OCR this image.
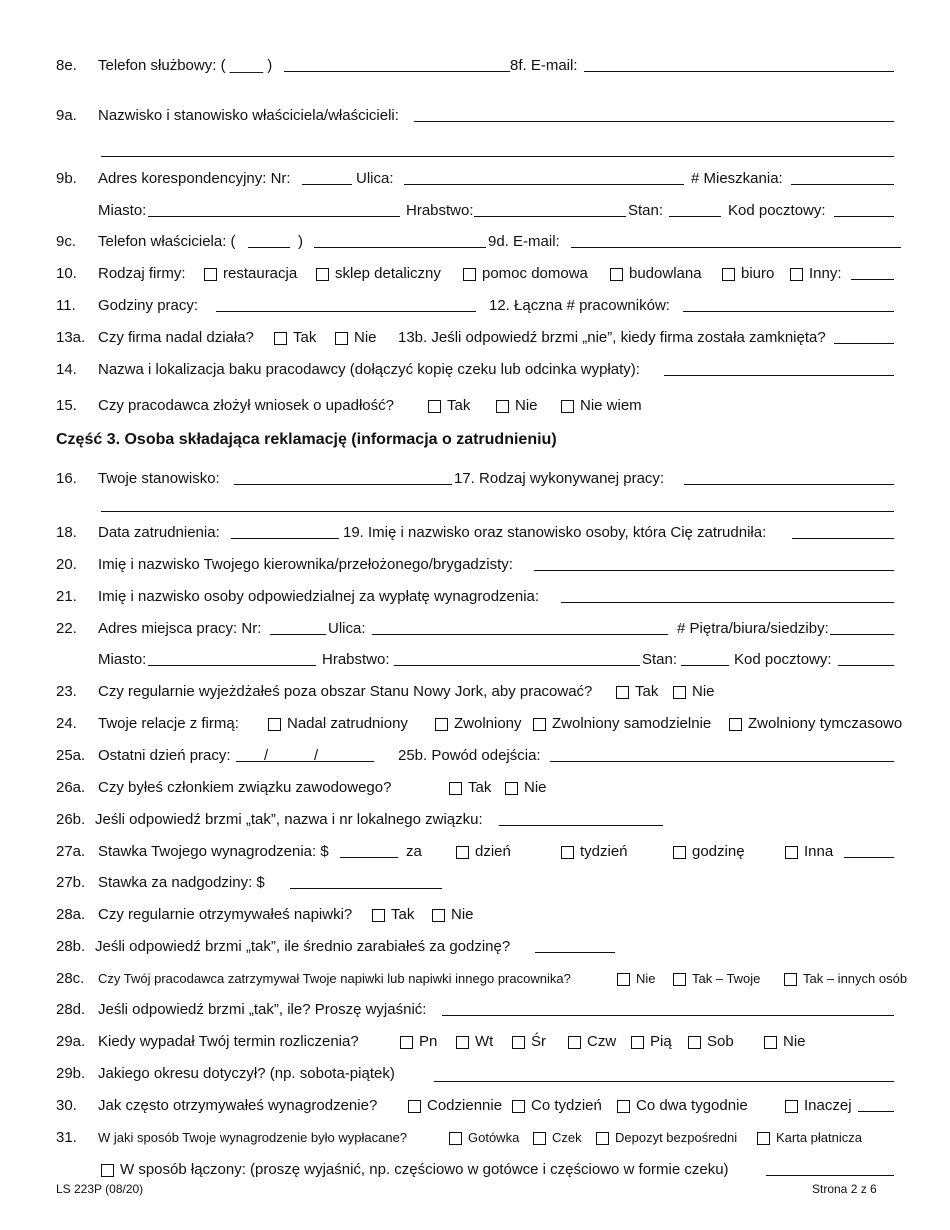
8e. Telefon służbowy: ( ____ )	8f. E-mail:
9a. Nazwisko i stanowisko właściciela/właścicieli:
9b. Adres korespondencyjny: Nr:	Ulica:	# Mieszkania:
Miasto:	Hrabstwo:	Stan:	Kod pocztowy:
9c. Telefon właściciela: (	)	9d. E-mail:
10. Rodzaj firmy: restauracja	sklep detaliczny	pomoc domowa	budowlana	biuro Inny:
11. Godziny pracy:	12. Łączna # pracowników:
13a. Czy firma nadal działa?	Tak	Nie 13b. Jeśli odpowiedź brzmi „nie”, kiedy firma została zamknięta?
14. Nazwa i lokalizacja baku pracodawcy (dołączyć kopię czeku lub odcinka wypłaty):
15. Czy pracodawca złożył wniosek o upadłość?	Tak	Nie	Nie wiem
Część 3. Osoba składająca reklamację (informacja o zatrudnieniu)
16. Twoje stanowisko:	17. Rodzaj wykonywanej pracy:
18. Data zatrudnienia:	19. Imię i nazwisko oraz stanowisko osoby, która Cię zatrudniła:
20. Imię i nazwisko Twojego kierownika/przełożonego/brygadzisty:
21. Imię i nazwisko osoby odpowiedzialnej za wypłatę wynagrodzenia:
22. Adres miejsca pracy: Nr:	Ulica:	# Piętra/biura/siedziby:
Miasto:	Hrabstwo:	Stan:	Kod pocztowy:
23. Czy regularnie wyjeżdżałeś poza obszar Stanu Nowy Jork, aby pracować?	Tak Nie
24. Twoje relacje z firmą:	Nadal zatrudniony	Zwolniony Zwolniony samodzielnie Zwolniony tymczasowo
25a. Ostatni dzień pracy: /	/	25b. Powód odejścia:
26a. Czy byłeś członkiem związku zawodowego?	Tak Nie
26b. Jeśli odpowiedź brzmi „tak”, nazwa i nr lokalnego związku:
27a. Stawka Twojego wynagrodzenia: $	za	dzień	tydzień	godzinę	Inna
27b. Stawka za nadgodziny: $
28a. Czy regularnie otrzymywałeś napiwki?	Tak Nie
28b. Jeśli odpowiedź brzmi „tak”, ile średnio zarabiałeś za godzinę?
28c. Czy Twój pracodawca zatrzymywał Twoje napiwki lub napiwki innego pracownika?	Nie	Tak – Twoje	Tak – innych osób
28d. Jeśli odpowiedź brzmi „tak”, ile? Proszę wyjaśnić:
29a. Kiedy wypadał Twój termin rozliczenia?	Pn	Wt	Śr	Czw Pią Sob	Nie
29b. Jakiego okresu dotyczył? (np. sobota-piątek)
30. Jak często otrzymywałeś wynagrodzenie?	Codziennie Co tydzień Co dwa tygodnie	Inaczej
31. W jaki sposób Twoje wynagrodzenie było wypłacane?	Gotówka	Czek	Depozyt bezpośredni	Karta płatnicza
W sposób łączony: (proszę wyjaśnić, np. częściowo w gotówce i częściowo w formie czeku)
LS 223P (08/20)	Strona 2 z 6
